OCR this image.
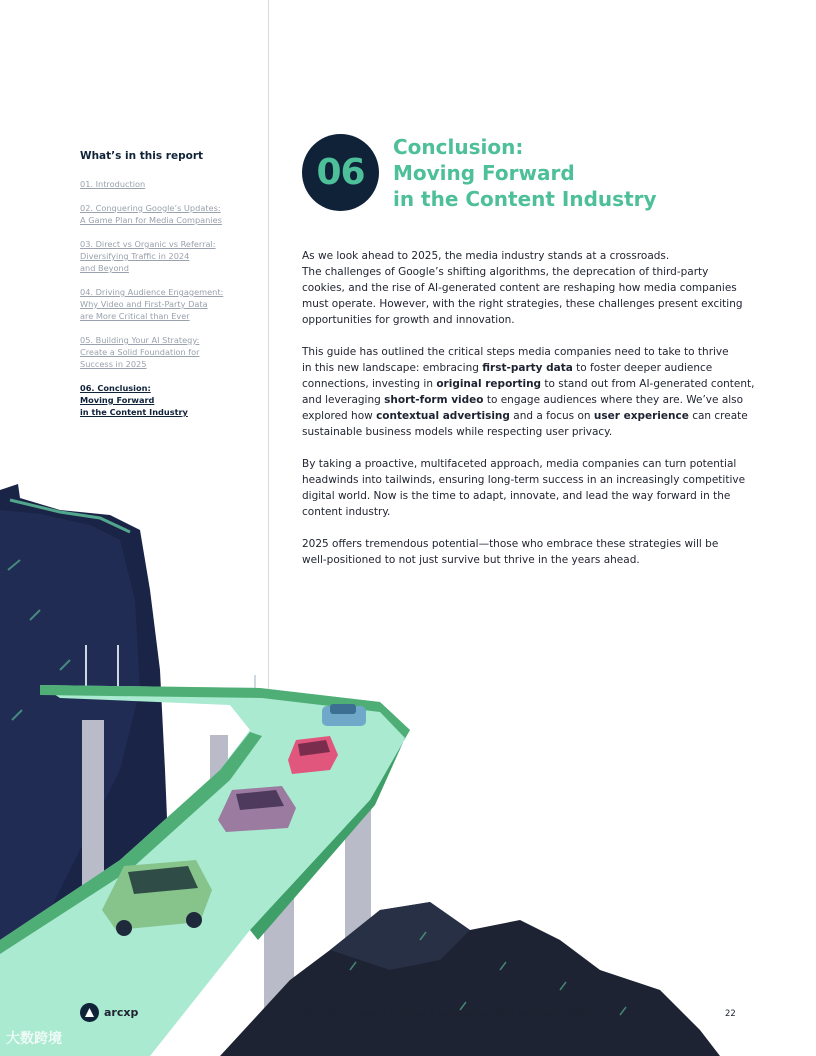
What’s in this report
01. Introduction
02. Conquering Google’s Updates:
A Game Plan for Media Companies
03. Direct vs Organic vs Referral:
Diversifying Traffic in 2024
and Beyond
04. Driving Audience Engagement:
Why Video and First-Party Data
are More Critical than Ever
05. Building Your AI Strategy:
Create a Solid Foundation for
Success in 2025
06. Conclusion:
Moving Forward
in the Content Industry
06
Conclusion:
Moving Forward
in the Content Industry

As we look ahead to 2025, the media industry stands at a crossroads.
The challenges of Google’s shifting algorithms, the deprecation of third-party
cookies, and the rise of AI-generated content are reshaping how media companies
must operate. However, with the right strategies, these challenges present exciting
opportunities for growth and innovation.

This guide has outlined the critical steps media companies need to take to thrive
in this new landscape: embracing first-party data to foster deeper audience
connections, investing in original reporting to stand out from AI-generated content,
and leveraging short-form video to engage audiences where they are. We’ve also
explored how contextual advertising and a focus on user experience can create
sustainable business models while respecting user privacy.

By taking a proactive, multifaceted approach, media companies can turn potential
headwinds into tailwinds, ensuring long-term success in an increasingly competitive
digital world. Now is the time to adapt, innovate, and lead the way forward in the
content industry.

2025 offers tremendous potential—those who embrace these strategies will be
well-positioned to not just survive but thrive in the years ahead.

arcxp	State of the Content Industry: A look back on 2024 and tips for 2025	22
大数跨境
